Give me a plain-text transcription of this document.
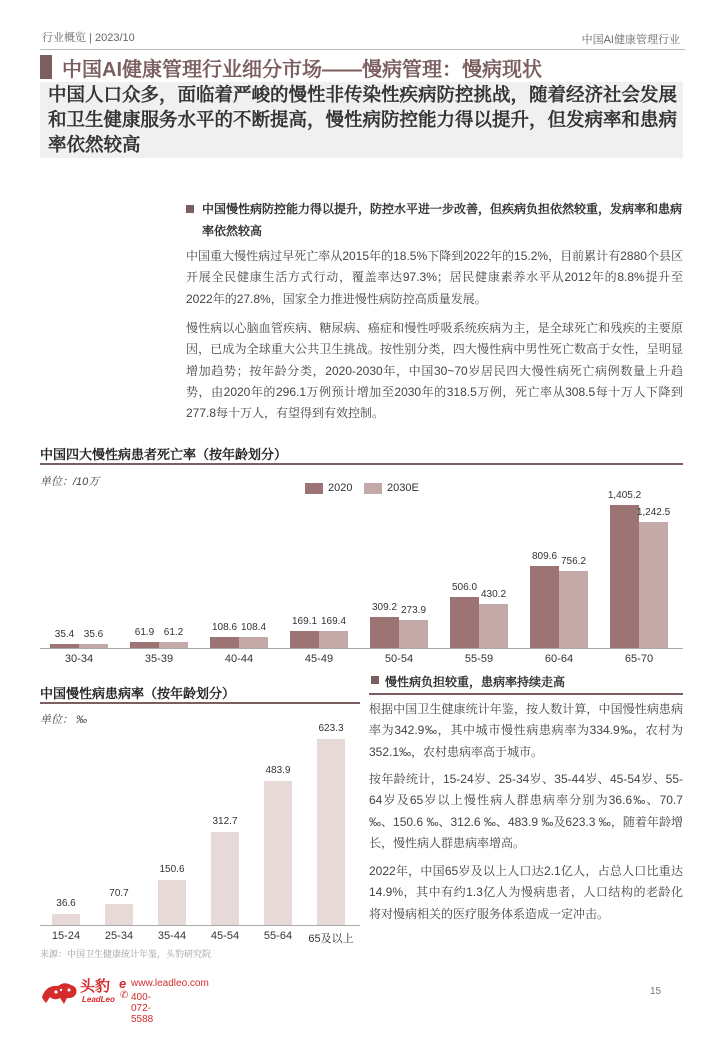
行业概览 | 2023/10	中国AI健康管理行业
中国AI健康管理行业细分市场——慢病管理：慢病现状
中国人口众多，面临着严峻的慢性非传染性疾病防控挑战，随着经济社会发展和卫生健康服务水平的不断提高，慢性病防控能力得以提升，但发病率和患病率依然较高
中国慢性病防控能力得以提升，防控水平进一步改善，但疾病负担依然较重，发病率和患病率依然较高
中国重大慢性病过早死亡率从2015年的18.5%下降到2022年的15.2%，目前累计有2880个县区开展全民健康生活方式行动，覆盖率达97.3%；居民健康素养水平从2012年的8.8%提升至2022年的27.8%，国家全力推进慢性病防控高质量发展。
慢性病以心脑血管疾病、糖尿病、癌症和慢性呼吸系统疾病为主，是全球死亡和残疾的主要原因，已成为全球重大公共卫生挑战。按性别分类，四大慢性病中男性死亡数高于女性，呈明显增加趋势；按年龄分类，2020-2030年，中国30~70岁居民四大慢性病死亡病例数量上升趋势，由2020年的296.1万例预计增加至2030年的318.5万例，死亡率从308.5每十万人下降到277.8每十万人，有望得到有效控制。
中国四大慢性病患者死亡率（按年龄划分）
单位：/10万	2020	2030E
35.4 35.6
30-34
61.9 61.2
35-39
108.6 108.4
40-44
169.1 169.4
45-49
309.2 273.9
50-54
506.0
430.2
55-59
809.6 756.2
60-64
1,405.2
1,242.5
65-70
中国慢性病患病率（按年龄划分）
单位： ‰
36.6
15-24
70.7
25-34
150.6
35-44
312.7
45-54
483.9
55-64
623.3
65及以上
慢性病负担较重，患病率持续走高
根据中国卫生健康统计年鉴，按人数计算，中国慢性病患病率为342.9‰，其中城市慢性病患病率为334.9‰，农村为352.1‰，农村患病率高于城市。
按年龄统计，15-24岁、25-34岁、35-44岁、45-54岁、55-64岁及65岁以上慢性病人群患病率分别为36.6‰、70.7 ‰、150.6 ‰、312.6 ‰、483.9 ‰及623.3 ‰，随着年龄增长，慢性病人群患病率增高。
2022年，中国65岁及以上人口达2.1亿人，占总人口比重达14.9%，其中有约1.3亿人为慢病患者，人口结构的老龄化将对慢病相关的医疗服务体系造成一定冲击。
来源：中国卫生健康统计年鉴，头豹研究院
头豹
LeadLeo
e www.leadleo.com
✆ 400-072-5588
15
